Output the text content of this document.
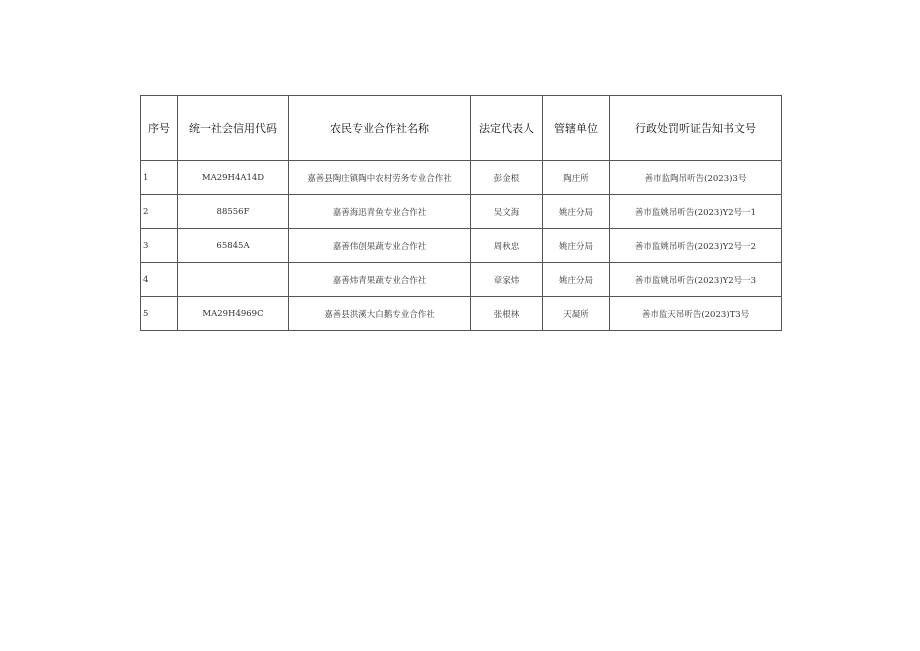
序号	统一社会信用代码	农民专业合作社名称	法定代表人	管辖单位	行政处罚听证告知书文号
1	MA29H4A14D	嘉善县陶庄镇陶中农村劳务专业合作社	彭金根	陶庄所	善市监陶吊听告(2023)3号
2	88556F	嘉善海迅青鱼专业合作社	吴文海	姚庄分局	善市监姚吊听告(2023)Y2号一1
3	65845A	嘉善伟创果蔬专业合作社	周秋忠	姚庄分局	善市监姚吊听告(2023)Y2号一2
4		嘉善炜青果蔬专业合作社	章家炜	姚庄分局	善市监姚吊听告(2023)Y2号一3
5	MA29H4969C	嘉善县洪溪大白鹅专业合作社	张根林	天凝所	善市监天吊听告(2023)T3号
